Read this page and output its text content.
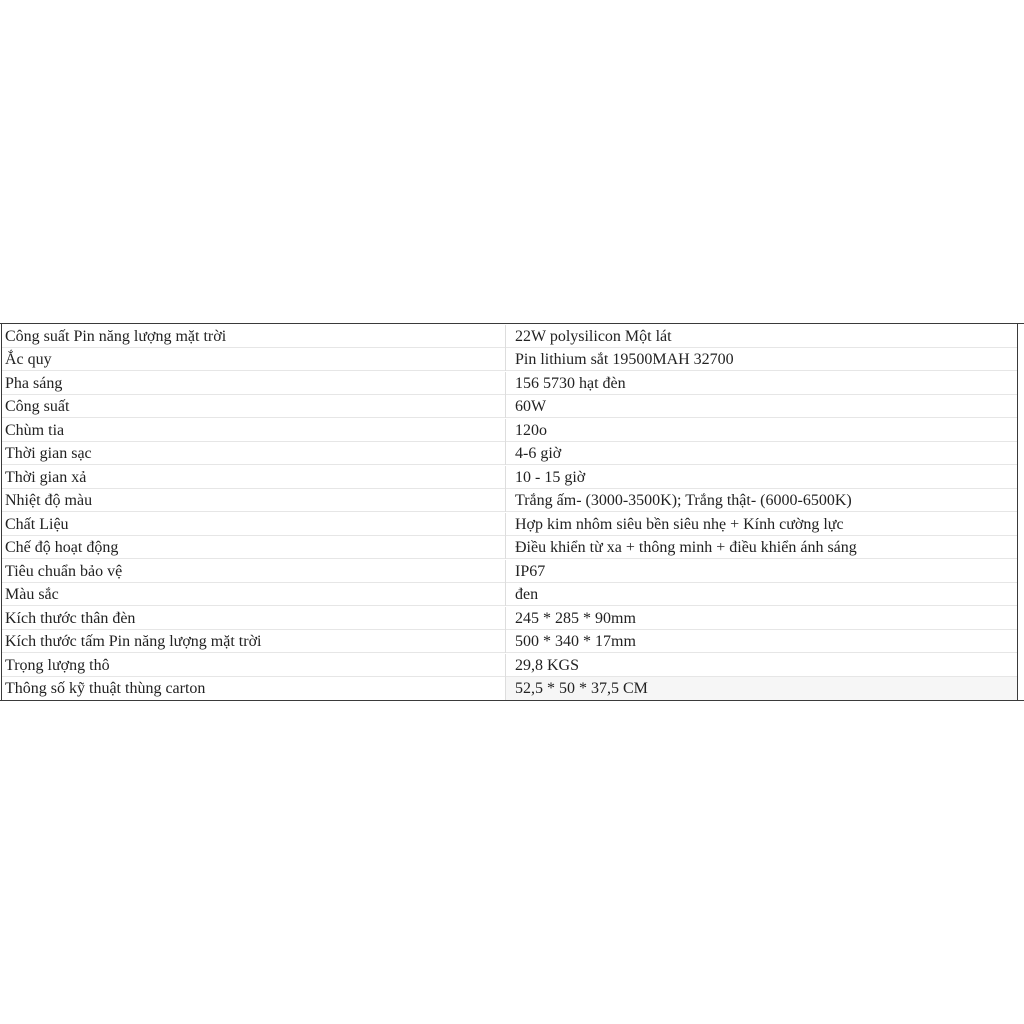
Công suất Pin năng lượng mặt trời	22W polysilicon Một lát
Ắc quy	Pin lithium sắt 19500MAH 32700
Pha sáng	156 5730 hạt đèn
Công suất	60W
Chùm tia	120o
Thời gian sạc	4-6 giờ
Thời gian xả	10 - 15 giờ
Nhiệt độ màu	Trắng ấm- (3000-3500K); Trắng thật- (6000-6500K)
Chất Liệu	Hợp kim nhôm siêu bền siêu nhẹ + Kính cường lực
Chế độ hoạt động	Điều khiển từ xa + thông minh + điều khiển ánh sáng
Tiêu chuẩn bảo vệ	IP67
Màu sắc	đen
Kích thước thân đèn	245 * 285 * 90mm
Kích thước tấm Pin năng lượng mặt trời	500 * 340 * 17mm
Trọng lượng thô	29,8 KGS
Thông số kỹ thuật thùng carton	52,5 * 50 * 37,5 CM
